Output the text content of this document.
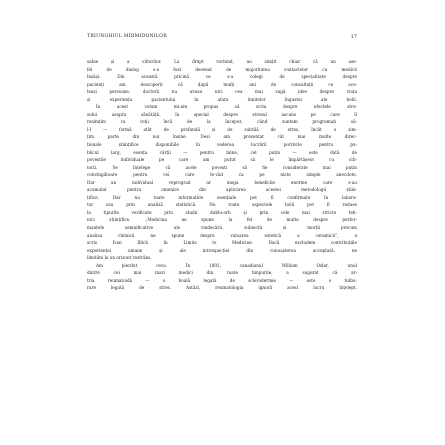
TRIUNGHIUL MIRMIDONILOR	17
sabie și a viitorilor. La drept vorbind, au simțit chiar că un ase-
fel de dialog s-a fost desenat de majoritatea contactelor cu medicii
însăși. Din această pricină ce s-a colegi de specialitate despre
pacienți am descoperit că după mulți ani de consultații ce ace-
leași persoane, doctorii nu aveau nici cea mai vagă idee despre viața
și experiența pacientului în afara limitelor îngustei ale bolii.
În acest volum mi-am propus să scriu despre efectele stre-
sului asupra sănătății, în special despre stresul ascuns pe care îl
resimțim cu toții încă de la început, când suntem programați să-
l-l — formă atât de profundă și de subtilă de stres, încât o sim-
țim parte din noi înșine. Deși am prezentat cât mai multe direc-
ționale științifice disponibile în vederea lucrării potrivite pentru pu-
blicul larg, esența cărții — pentru mine, cel puțin — este dată de
poveștile individuale pe care am putut să le împărtășesc cu citi-
torii. Se înțelege că acele povești să fie considerate mai puțin
convingătoare pentru cei care le-văd ca pe niște simple anecdote.
Dar un individual reprograd ar mega beneficile enorme care s-au
acumulat pentru omenire din aplicarea acestei metodologii știin-
țifice. Dar nu toate informațiile esențiale pot fi confirmate în labora-
tor sau prin analiză statistică. Nu toate aspectele bolii pot fi reduse
la tipurile verificate prin studii dublu-orb și prin cele mai stricte teh-
nici științifice. „Medicina ne spune la fel de multe despre perfor-
manțele semnificative ale vindecării, subiecții și morții precum
analiza chimică ne spune despre valoarea estetică a ceramicii”, a
scris Ivan Illich în Limits to Medicine. Dacă excludem contribuțiile
experienței umane și ale introspecției din cunoașterea acceptată, ne
limităm la un orizont restrâns.
Am pierdut ceva. În 1892, canadianul William Osler, unul
dintre cei mai mari medici din toate timpurile, a sugerat că ar-
tria reumatoidă — o boală legată de sclerodermie — este o tulbu-
rare legată de stres. Astăzi, reumatologia ignoră acest lucru înțelept,
